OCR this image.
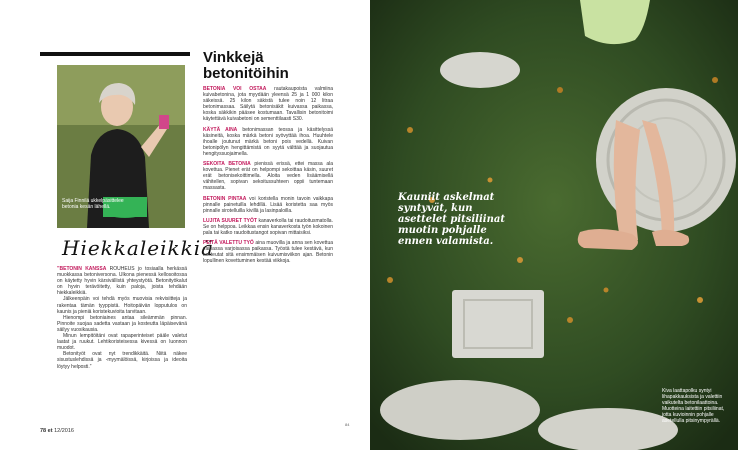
Saija Finnilä ukkelpäsittelee betonia kesän lähellä.
Hiekkaleikkiä

”BETONIN KANSSA ROUHEUS jo tosiaalla herkässä muokkassa betoniversona. Ulkona pienessä kellosoitossa on käytetty hyvin kärsivällistä yhteystyötä. Betonityökalut on hyvin terävöitetty, kuin paloja, joista tehdään hiekkaleikkiä.

Jälkeenpäin voi tehdä myös muovisia rekvisiitteja ja rakentaa tämän tyyppistä. Hoitopäivän lopputulos on kaunis ja pieniä koristekuvioita tarvitaan.

Hienompi betoniaines antaa sileämmän pinnan. Pinnoite suojaa sadetta vastaan ja kosteutta läpäisevänä säilyy vuosikausia.

Minun lempitöitäni ovat rapaperinteiset pääle valetut laatat ja ruukut. Lehtikoristeisessa kivessä on luonnon muodot.

Betonityöt ovat nyt trendikkäitä. Niitä näkee sisustuslehdissä ja -myymälöissä, kirjoissa ja ideoita löytyy helposti.”

Vinkkejä betonitöihin

BETONIA VOI OSTAA rautakaupoista valmiina kuivabetonina, jota myydään yleensä 25 ja 1 000 kilon säkeissä. 25 kilon säkistä tulee noin 12 litraa betonimassaa. Säilytä betonisäkit kuivassa paikassa, koska säkkikin pääsee kostumaan. Tavallisin betonitoimi käytettävä kuivabetoni on sementtilaasti S30.

KÄYTÄ AINA betonimassan teossa ja käsittelyssä käsineitä, koska märkä betoni syövyttää ihoa. Huuhtele ihoalle joutunut märkä betoni pois vedellä. Kuivan betonipölyn hengittämistä on syytä välttää ja suojautua hengityssuojaimella.

SEKOITA BETONIA pienissä erissä, ettei massa ala kovettua. Pienet erät on helpompi sekoittaa käsin, suuret erät betonisekoittimella. Aloita veden lisäämisellä vähitellen, sopivan sekoitussuhteen oppii tuntemaan massasta.

BETONIN PINTAA voi koristella monin tavoin vaikkapa pinnalle painetuilla lehdillä. Lisää koristetta saa myös pinnalle sirotelluilla kivillä ja lasinpaloilla.

LUJITA SUURET TYÖT kanaverkolla tai raudoitusmatolla. Se on helppoa. Leikkaa ensin kanaverkosta työn kokoinen pala tai katko raudoitustangot sopivan mittaisiksi.

PEITÄ VALETTU TYÖ aina muovilla ja anna sen kovettua vaihassa varjoisassa paikassa. Työstä tulee kestävä, kun kosteutat sitä ensimmäisen kuivumisviikon ajan. Betonin lopullinen kovettuminen kestää viikkoja.

78 et 12/2016
84
Kauniit askelmat syntyvät, kun asettelet pitsiliinat muotin pohjalle ennen valamista.
Kiva laattapolku syntyi lihapakkauksista ja valettiin vaikutelta betonilaattoina. Muotteina laitettiin pitsiliinat, jotta kuvioinnin pohjalle asetellulla pitsinympyrällä.
